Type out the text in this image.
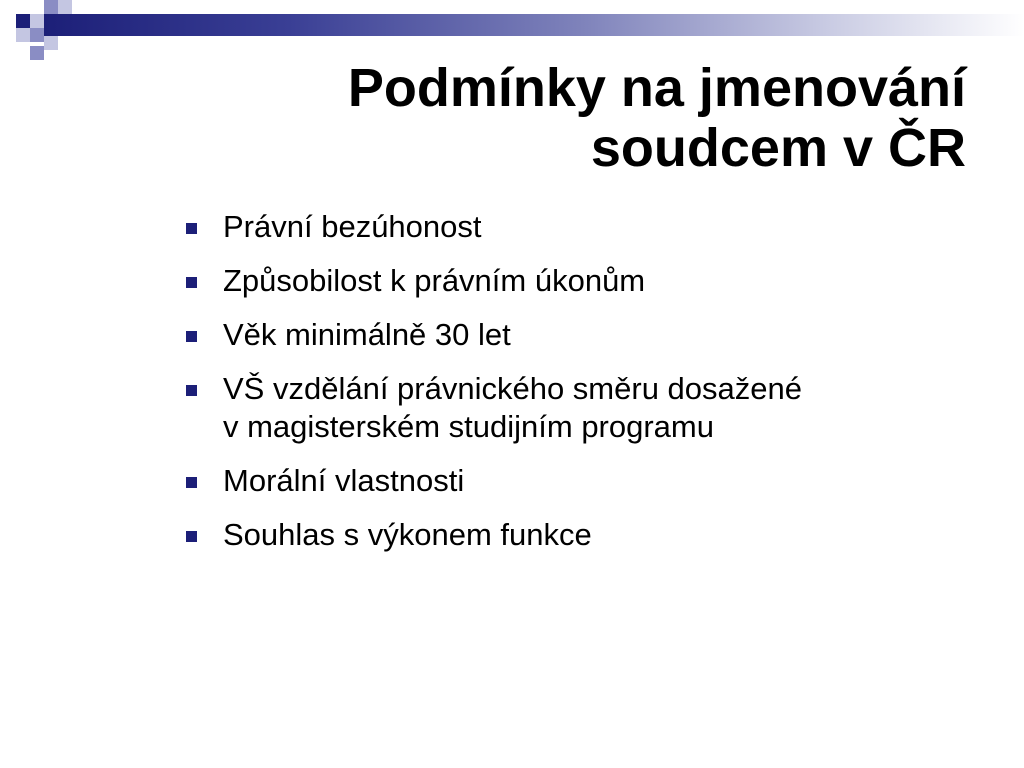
Podmínky na jmenování
soudcem v ČR
Právní bezúhonost
Způsobilost k právním úkonům
Věk minimálně 30 let
VŠ vzdělání právnického směru dosažené v magisterském studijním programu
Morální vlastnosti
Souhlas s výkonem funkce
